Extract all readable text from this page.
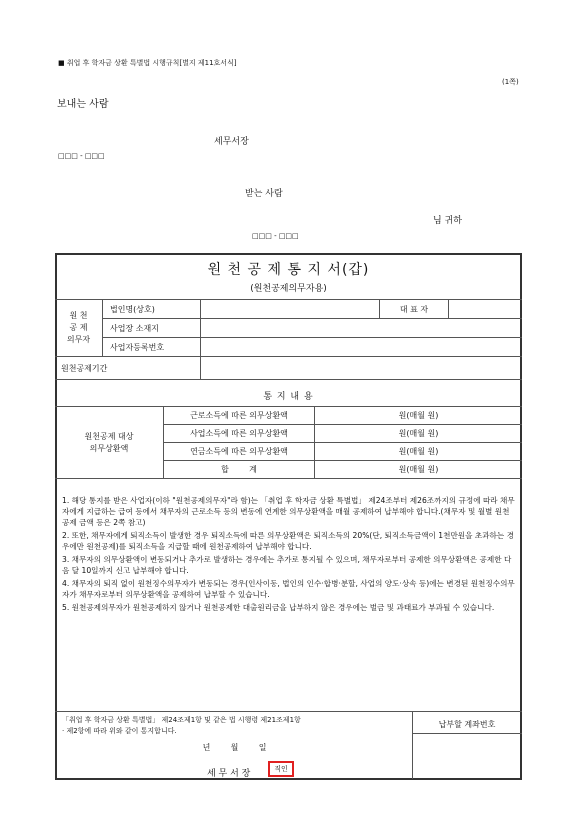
■ 취업 후 학자금 상환 특별법 시행규칙[별지 제11호서식]
(1쪽)
보내는 사람
세무서장
□□□ - □□□
받는 사람
님 귀하
□□□ - □□□
원 천 공 제 통 지 서(갑)
(원천공제의무자용)
원 천
공 제
의무자	법인명(상호)		대 표 자	
	사업장 소재지			
	사업자등록번호			
원천공제기간				
통 지 내 용
원천공제 대상
의무상환액	근로소득에 따른 의무상환액	원(매월 원)
	사업소득에 따른 의무상환액	원(매월 원)
	연금소득에 따른 의무상환액	원(매월 원)
	합        계	원(매월 원)

1. 해당 통지를 받은 사업자(이하 "원천공제의무자"라 함)는 「취업 후 학자금 상환 특별법」 제24조부터 제26조까지의 규정에 따라 채무자에게 지급하는 급여 등에서 채무자의 근로소득 등의 변동에 연계한 의무상환액을 매월 공제하여 납부해야 합니다.(채무자 및 월별 원천공제 금액 등은 2쪽 참고)

2. 또한, 채무자에게 퇴직소득이 발생한 경우 퇴직소득에 따른 의무상환액은 퇴직소득의 20%(단, 퇴직소득금액이 1천만원을 초과하는 경우에만 원천공제)를 퇴직소득을 지급할 때에 원천공제하여 납부해야 합니다.

3. 채무자의 의무상환액이 변동되거나 추가로 발생하는 경우에는 추가로 통지될 수 있으며, 채무자로부터 공제한 의무상환액은 공제한 다음 달 10일까지 신고 납부해야 합니다.

4. 채무자의 퇴직 없이 원천징수의무자가 변동되는 경우(인사이동, 법인의 인수·합병·분할, 사업의 양도·상속 등)에는 변경된 원천징수의무자가 채무자로부터 의무상환액을 공제하여 납부할 수 있습니다.

5. 원천공제의무자가 원천공제하지 않거나 원천공제한 대출원리금을 납부하지 않은 경우에는 벌금 및 과태료가 부과될 수 있습니다.

「취업 후 학자금 상환 특별법」 제24조제1항 및 같은 법 시행령 제21조제1항
· 제2항에 따라 위와 같이 통지합니다.
년        월        일
세 무 서 장	직인
납부할 계좌번호
